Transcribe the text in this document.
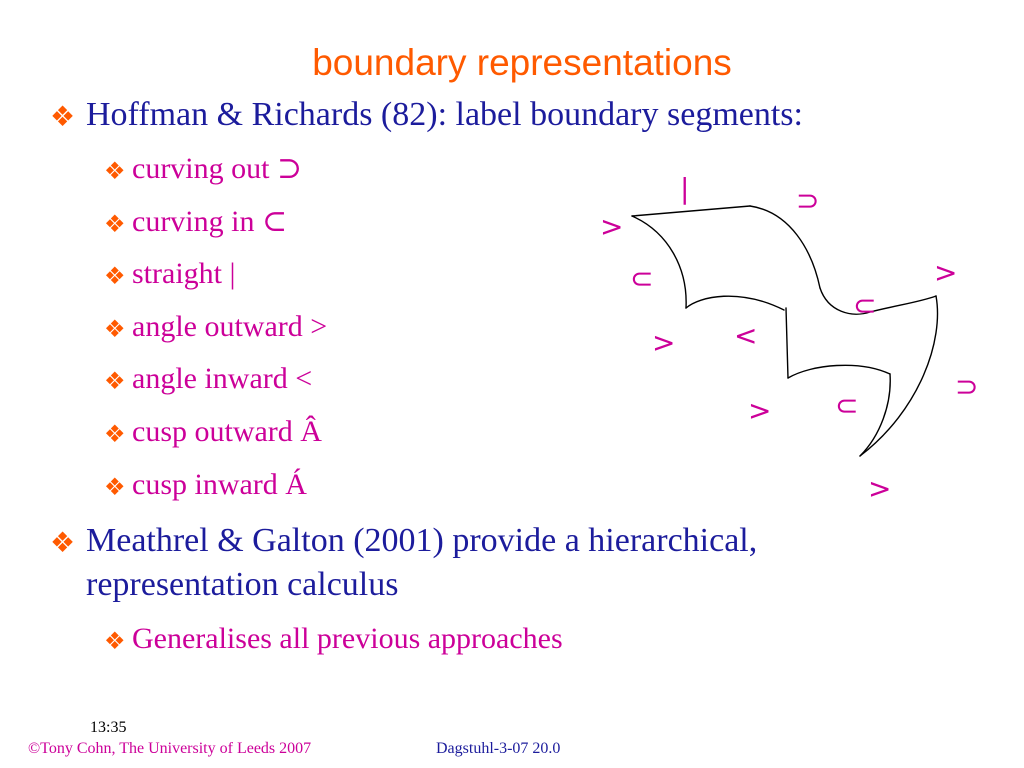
boundary representations
❖ Hoffman & Richards (82): label boundary segments:
❖ curving out ⊃
❖ curving in ⊂
❖ straight |
❖ angle outward >
❖ angle inward <
❖ cusp outward Â
❖ cusp inward Á
❖ Meathrel & Galton (2001) provide a hierarchical,
representation calculus
❖ Generalises all previous approaches
|	⊃
>
⊂	>
⊂
> <
⊃
> ⊂
>
13:35
©Tony Cohn, The University of Leeds 2007	Dagstuhl-3-07 20.0
